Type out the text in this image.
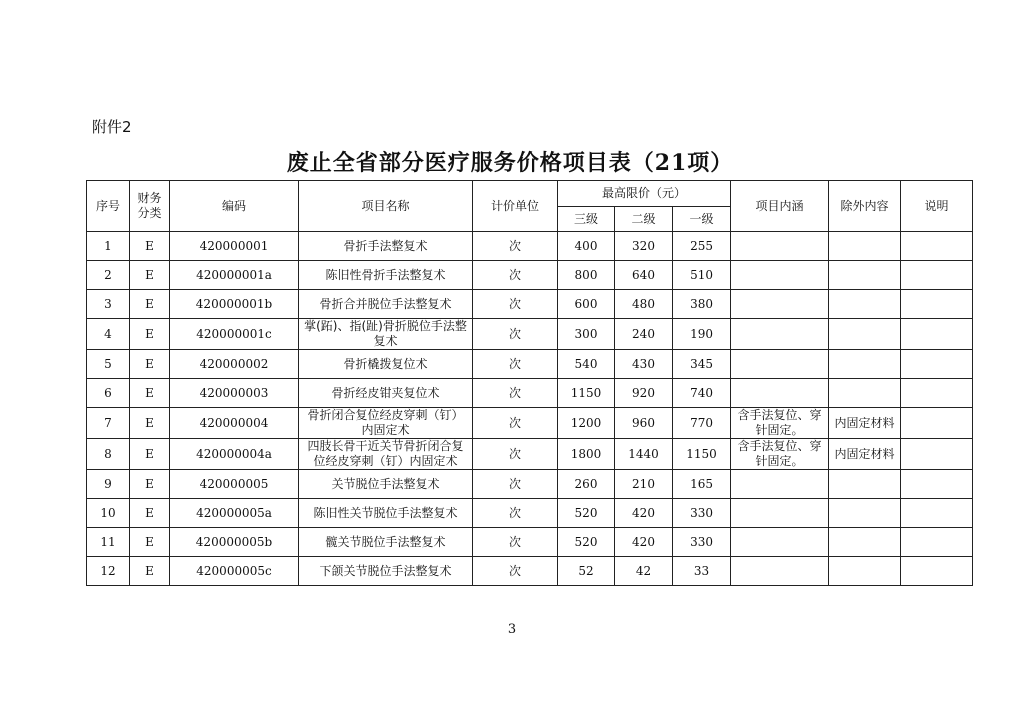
附件2
废止全省部分医疗服务价格项目表（21项）
序号	财务分类	编码	项目名称	计价单位	最高限价（元）			项目内涵	除外内容	说明
					三级	二级	一级			
1	E	420000001	骨折手法整复术	次	400	320	255			
2	E	420000001a	陈旧性骨折手法整复术	次	800	640	510			
3	E	420000001b	骨折合并脱位手法整复术	次	600	480	380			
4	E	420000001c	掌(跖)、指(趾)骨折脱位手法整复术	次	300	240	190			
5	E	420000002	骨折橇拨复位术	次	540	430	345			
6	E	420000003	骨折经皮钳夹复位术	次	1150	920	740			
7	E	420000004	骨折闭合复位经皮穿刺（钉）内固定术	次	1200	960	770	含手法复位、穿针固定。	内固定材料	
8	E	420000004a	四肢长骨干近关节骨折闭合复位经皮穿刺（钉）内固定术	次	1800	1440	1150	含手法复位、穿针固定。	内固定材料	
9	E	420000005	关节脱位手法整复术	次	260	210	165			
10	E	420000005a	陈旧性关节脱位手法整复术	次	520	420	330			
11	E	420000005b	髋关节脱位手法整复术	次	520	420	330			
12	E	420000005c	下颌关节脱位手法整复术	次	52	42	33			
3
